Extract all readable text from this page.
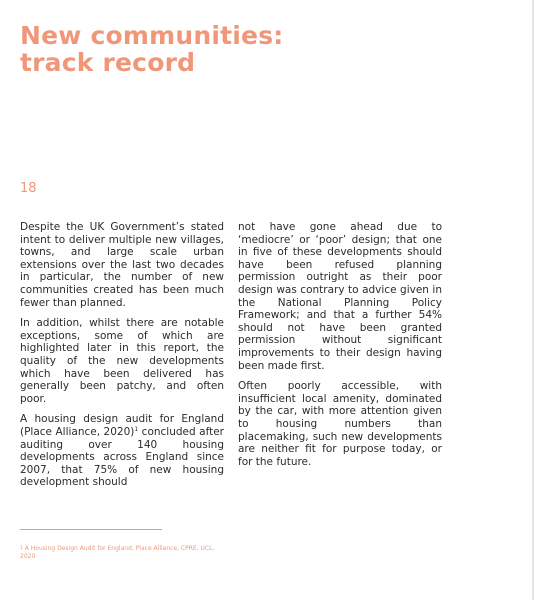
New communities:
track record
18

Despite the UK Government’s stated intent to deliver multiple new villages, towns, and large scale urban extensions over the last two decades in particular, the number of new communities created has been much fewer than planned.

In addition, whilst there are notable exceptions, some of which are highlighted later in this report, the quality of the new developments which have been delivered has generally been patchy, and often poor.

A housing design audit for England (Place Alliance, 2020)$^1$ concluded after auditing over 140 housing developments across England since 2007, that 75% of new housing development should

not have gone ahead due to ‘mediocre’ or ‘poor’ design; that one in five of these developments should have been refused planning permission outright as their poor design was contrary to advice given in the National Planning Policy Framework; and that a further 54% should not have been granted permission without significant improvements to their design having been made first.

Often poorly accessible, with insufficient local amenity, dominated by the car, with more attention given to housing numbers than placemaking, such new developments are neither fit for purpose today, or for the future.

$^1$ A Housing Design Audit for England, Place Alliance, CPRE, UCL, 2020
